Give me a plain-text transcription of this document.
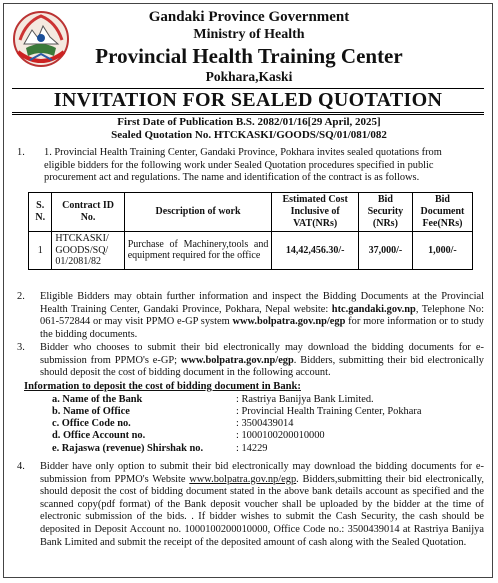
Gandaki Province Government
Ministry of Health
Provincial Health Training Center
Pokhara,Kaski
INVITATION FOR SEALED QUOTATION
First Date of Publication B.S. 2082/01/16[29 April, 2025]
Sealed Quotation No. HTCKASKI/GOODS/SQ/01/081/082
1. 1. Provincial Health Training Center, Gandaki Province, Pokhara invites sealed quotations from
eligible bidders for the following work under Sealed Quotation procedures specified in public
procurement act and regulations. The name and identification of the contract is as follows.
S. N.	Contract ID No.	Description of work	Estimated Cost Inclusive of VAT(NRs)	Bid Security (NRs)	Bid Document Fee(NRs)
1	HTCKASKI/ GOODS/SQ/ 01/2081/82	Purchase of Machinery,tools and equipment required for the office	14,42,456.30/-	37,000/-	1,000/-
2. Eligible Bidders may obtain further information and inspect the Bidding Documents at the Provincial Health Training Center, Gandaki Province, Pokhara, Nepal website: htc.gandaki.gov.np, Telephone No: 061-572844 or may visit PPMO e-GP system www.bolpatra.gov.np/egp for more information or to study the bidding documents.
3. Bidder who chooses to submit their bid electronically may download the bidding documents for e-submission from PPMO's e-GP; www.bolpatra.gov.np/egp. Bidders, submitting their bid electronically should deposit the cost of bidding document in the following account.
Information to deposit the cost of bidding document in Bank:
a. Name of the Bank	: Rastriya Banijya Bank Limited.
b. Name of Office	: Provincial Health Training Center, Pokhara
c. Office Code no.	: 3500439014
d. Office Account no.	: 1000100200010000
e. Rajaswa (revenue) Shirshak no.	: 14229
4. Bidder have only option to submit their bid electronically may download the bidding documents for e-submission from PPMO's Website www.bolpatra.gov.np/egp. Bidders,submitting their bid electronically, should deposit the cost of bidding document stated in the above bank details account as specified and the scanned copy(pdf format) of the Bank deposit voucher shall be uploaded by the bidder at the time of electronic submission of the bids. . If bidder wishes to submit the Cash Security, the cash should be deposited in Deposit Account no. 1000100200010000, Office Code no.: 3500439014 at Rastriya Banijya Bank Limited and submit the receipt of the deposited amount of cash along with the Sealed Quotation.
